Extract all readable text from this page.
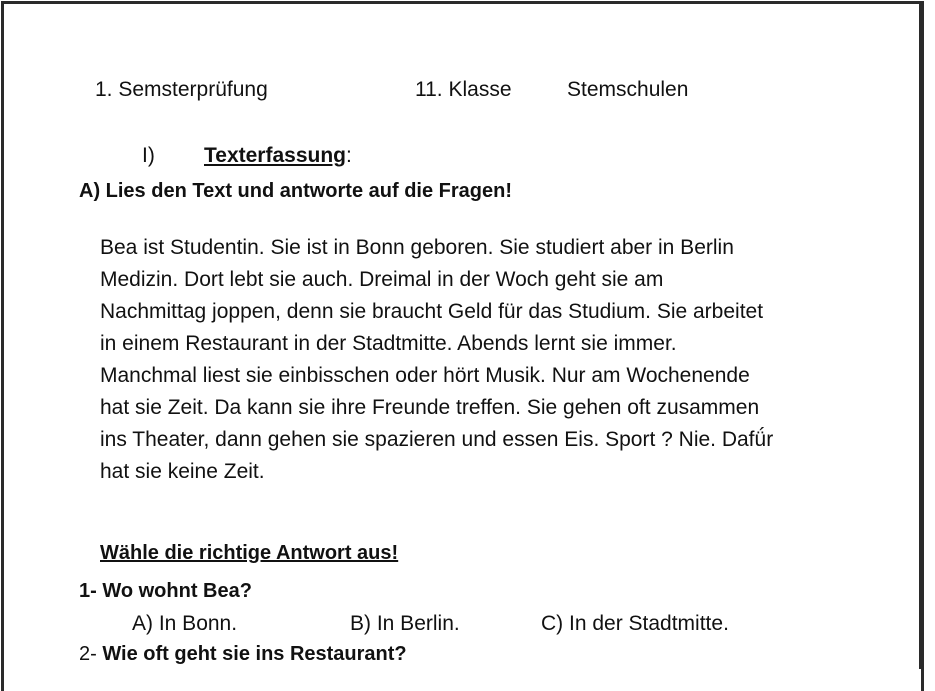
1. Semsterprüfung	11. Klasse	Stemschulen
I) Texterfassung:
A) Lies den Text und antworte auf die Fragen!
Bea ist Studentin. Sie ist in Bonn geboren. Sie studiert aber in Berlin
Medizin. Dort lebt sie auch. Dreimal in der Woch geht sie am
Nachmittag joppen, denn sie braucht Geld für das Studium. Sie arbeitet
in einem Restaurant in der Stadtmitte. Abends lernt sie immer.
Manchmal liest sie einbisschen oder hört Musik. Nur am Wochenende
hat sie Zeit. Da kann sie ihre Freunde treffen. Sie gehen oft zusammen
ins Theater, dann gehen sie spazieren und essen Eis. Sport ? Nie. Dafǘr
hat sie keine Zeit.
Wähle die richtige Antwort aus!
1- Wo wohnt Bea?
A) In Bonn.	B) In Berlin.	C) In der Stadtmitte.
2- Wie oft geht sie ins Restaurant?
